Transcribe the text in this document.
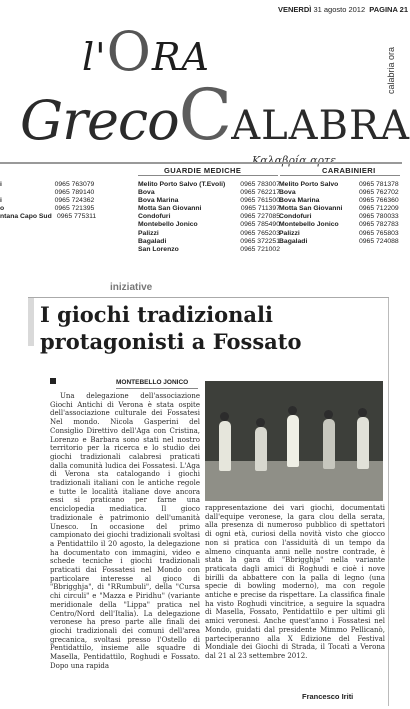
VENERDÌ 31 agosto 2012 PAGINA 21
l'ORA
GrecoCALABRA
Καλαβρία αρτε
calabria ora
GUARDIE MEDICHE	CARABINIERI
i	0965 763079
0965 789140
i	0965 724362
o	0965 721395
ntana Capo Sud 0965 775311
Melito Porto Salvo (T.Evoli)	0965 783007
Bova	0965 762217
Bova Marina	0965 761500
Motta San Giovanni	0965 711397
Condofuri	0965 727085
Montebello Jonico	0965 785490
Palizzi	0965 765203
Bagaladi	0965 372251
San Lorenzo	0965 721002
Melito Porto Salvo	0965 781378
Bova	0965 762702
Bova Marina	0965 766360
Motta San Giovanni	0965 712209
Condofuri	0965 780033
Montebello Jonico	0965 782783
Palizzi	0965 765803
Bagaladi	0965 724088
iniziative
I giochi tradizionali protagonisti a Fossato
MONTEBELLO JONICO

Una delegazione dell'associazione Giochi Antichi di Verona è stata ospite dell'associazione culturale dei Fossatesi Nel mondo. Nicola Gasperini del Consiglio Direttivo dell'Aga con Cristina, Lorenzo e Barbara sono stati nel nostro territorio per la ricerca e lo studio dei giochi tradizionali calabresi praticati dalla comunità ludica dei Fossatesi. L'Aga di Verona sta catalogando i giochi tradizionali italiani con le antiche regole e tutte le località italiane dove ancora essi si praticano per farne una enciclopedia mediatica. Il gioco tradizionale è patrimonio dell'umanità Unesco. In occasione del primo campionato dei giochi tradizionali svoltasi a Pentidattilo il 20 agosto, la delegazione ha documentato con immagini, video e schede tecniche i giochi tradizionali praticati dai Fossatesi nel Mondo con particolare interesse al gioco di "Bbrigghja", di "RRumbuli", della "Cursa chi circuli" e "Mazza e Piridhu" (variante meridionale della "Lippa" pratica nel Centro/Nord dell'Italia). La delegazione veronese ha preso parte alle finali dei giochi tradizionali dei comuni dell'area grecanica, svoltasi presso l'Ostello di Pentidattilo, insieme alle squadre di Masella, Pentidattilo, Roghudi e Fossato. Dopo una rapida

rappresentazione dei vari giochi, documentati dall'equipe veronese, la gara clou della serata, alla presenza di numeroso pubblico di spettatori di ogni età, curiosi della novità visto che giocco non si pratica con l'assiduità di un tempo da almeno cinquanta anni nelle nostre contrade, è stata la gara di "Bbrigghja" nella variante praticata dagli amici di Roghudi e cioè i nove birilli da abbattere con la palla di legno (una specie di bowling moderno), ma con regole antiche e precise da rispettare. La classifica finale ha visto Roghudi vincitrice, a seguire la squadra di Masella, Fossato, Pentidattilo e per ultimi gli amici veronesi. Anche quest'anno i Fossatesi nel Mondo, guidati dal presidente Mimmo Pellicanò, parteciperanno alla X Edizione del Festival Mondiale dei Giochi di Strada, il Tocatì a Verona dal 21 al 23 settembre 2012.

Francesco Iriti
